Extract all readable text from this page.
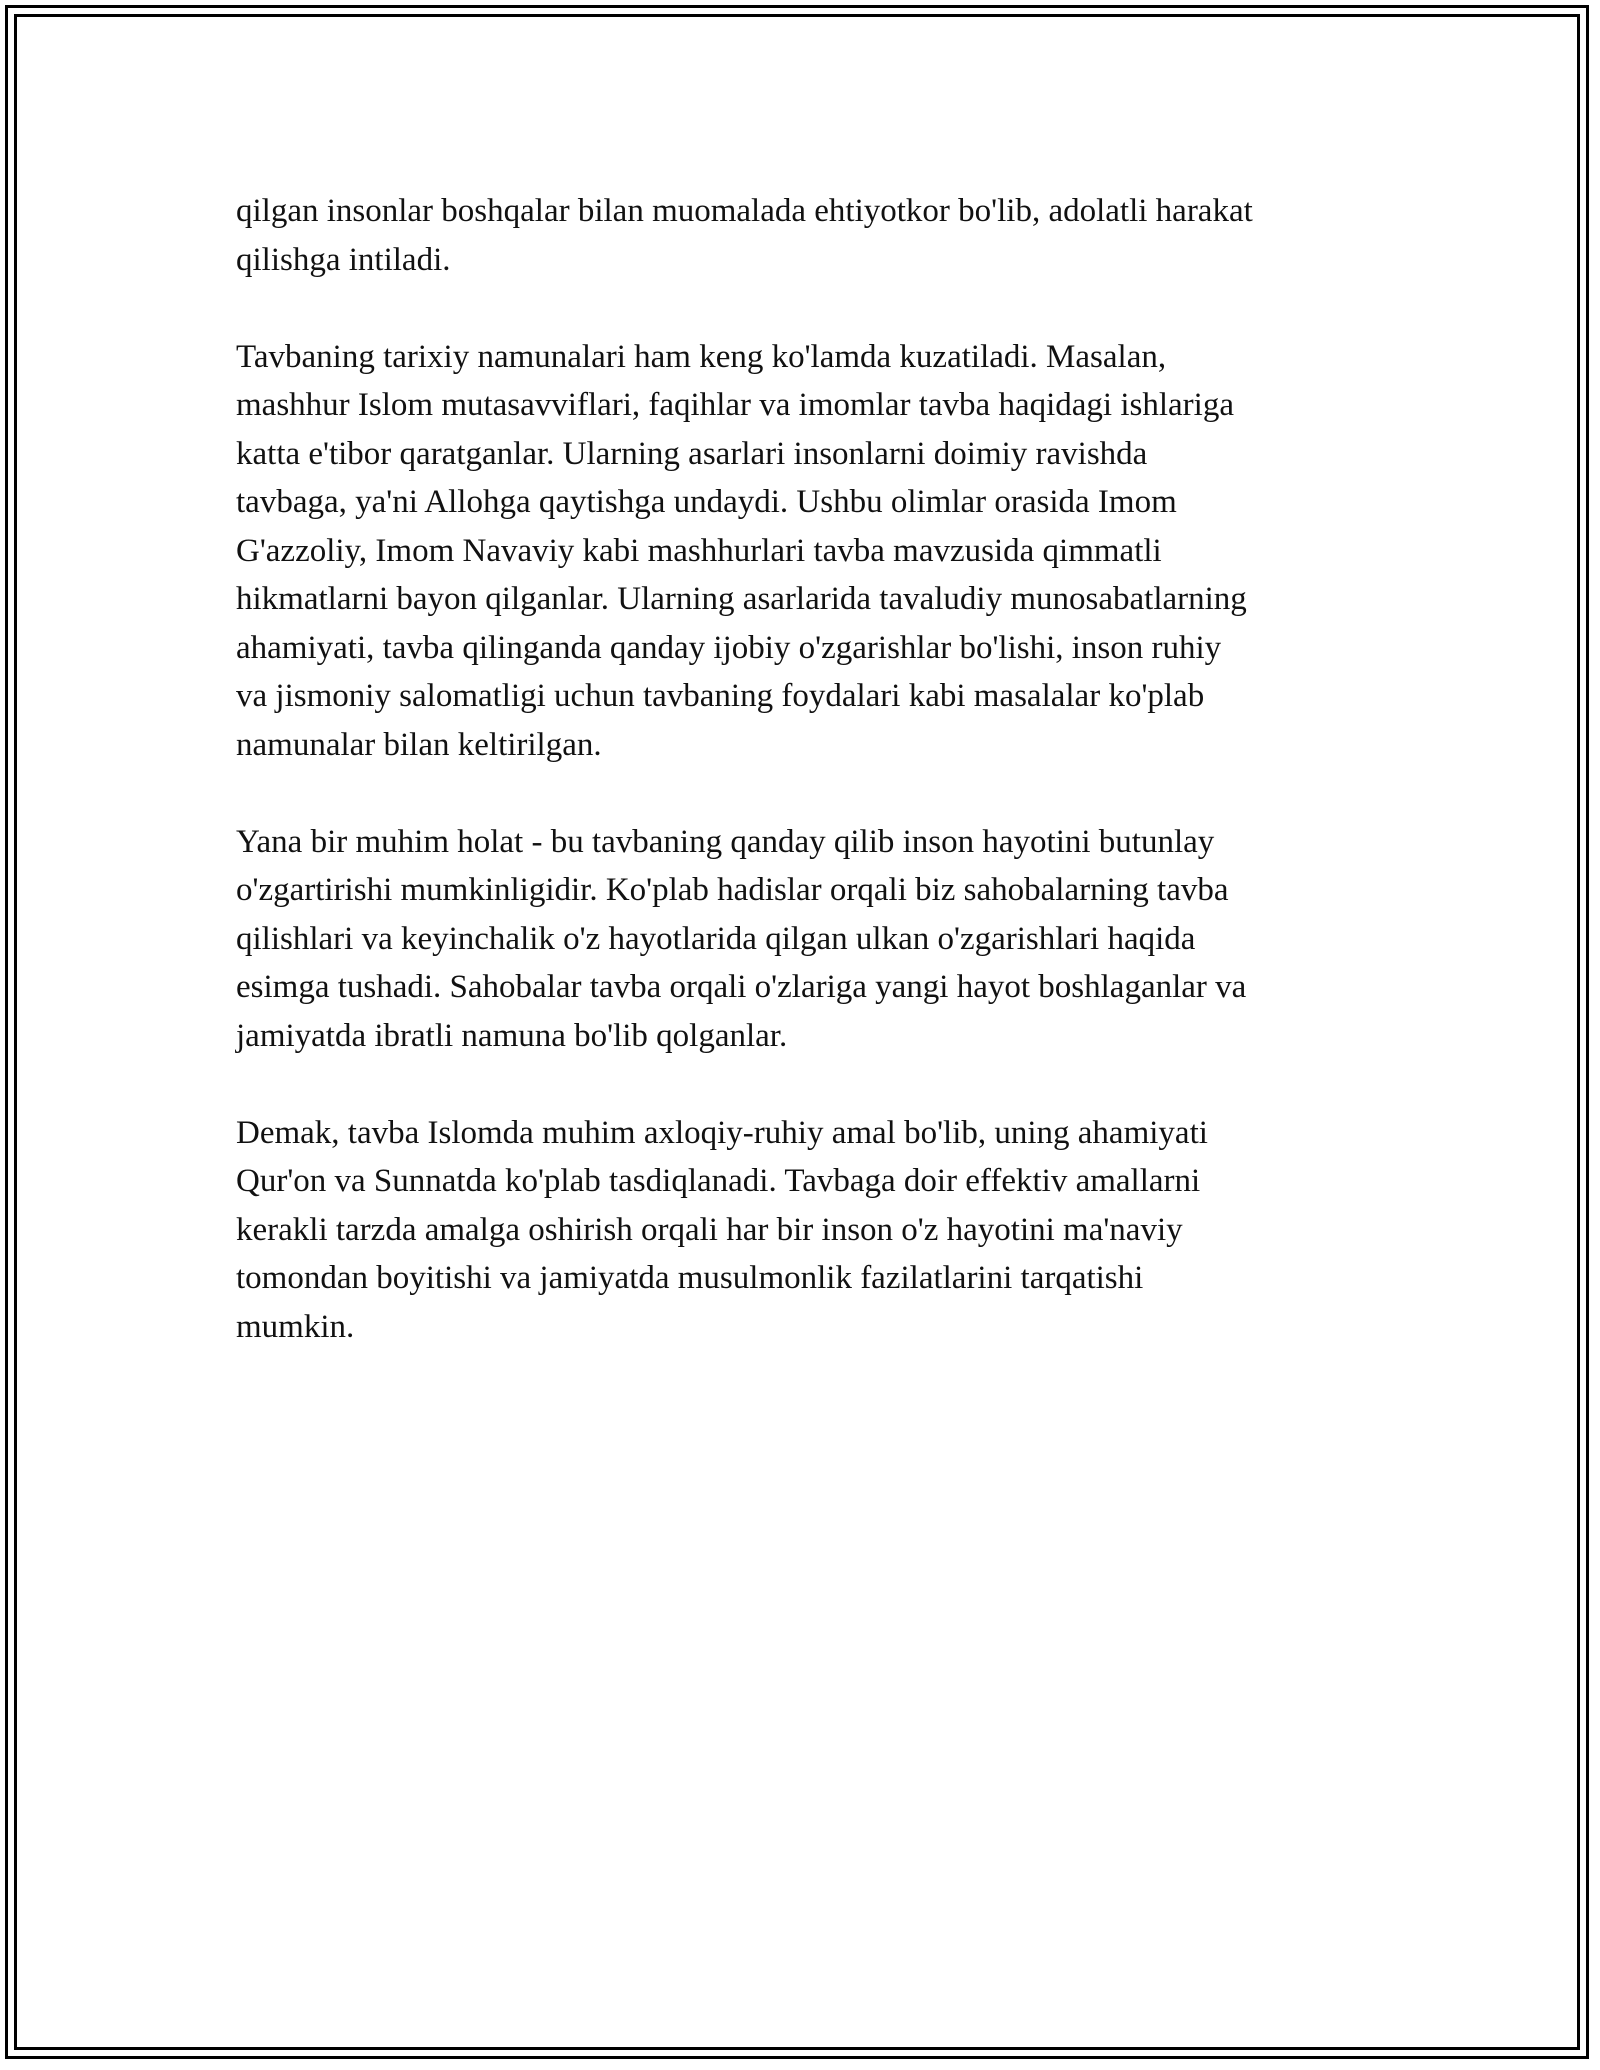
qilgan insonlar boshqalar bilan muomalada ehtiyotkor bo'lib, adolatli harakat
qilishga intiladi.

Tavbaning tarixiy namunalari ham keng ko'lamda kuzatiladi. Masalan,
mashhur Islom mutasavviflari, faqihlar va imomlar tavba haqidagi ishlariga
katta e'tibor qaratganlar. Ularning asarlari insonlarni doimiy ravishda
tavbaga, ya'ni Allohga qaytishga undaydi. Ushbu olimlar orasida Imom
G'azzoliy, Imom Navaviy kabi mashhurlari tavba mavzusida qimmatli
hikmatlarni bayon qilganlar. Ularning asarlarida tavaludiy munosabatlarning
ahamiyati, tavba qilinganda qanday ijobiy o'zgarishlar bo'lishi, inson ruhiy
va jismoniy salomatligi uchun tavbaning foydalari kabi masalalar ko'plab
namunalar bilan keltirilgan.

Yana bir muhim holat - bu tavbaning qanday qilib inson hayotini butunlay
o'zgartirishi mumkinligidir. Ko'plab hadislar orqali biz sahobalarning tavba
qilishlari va keyinchalik o'z hayotlarida qilgan ulkan o'zgarishlari haqida
esimga tushadi. Sahobalar tavba orqali o'zlariga yangi hayot boshlaganlar va
jamiyatda ibratli namuna bo'lib qolganlar.

Demak, tavba Islomda muhim axloqiy-ruhiy amal bo'lib, uning ahamiyati
Qur'on va Sunnatda ko'plab tasdiqlanadi. Tavbaga doir effektiv amallarni
kerakli tarzda amalga oshirish orqali har bir inson o'z hayotini ma'naviy
tomondan boyitishi va jamiyatda musulmonlik fazilatlarini tarqatishi
mumkin.
